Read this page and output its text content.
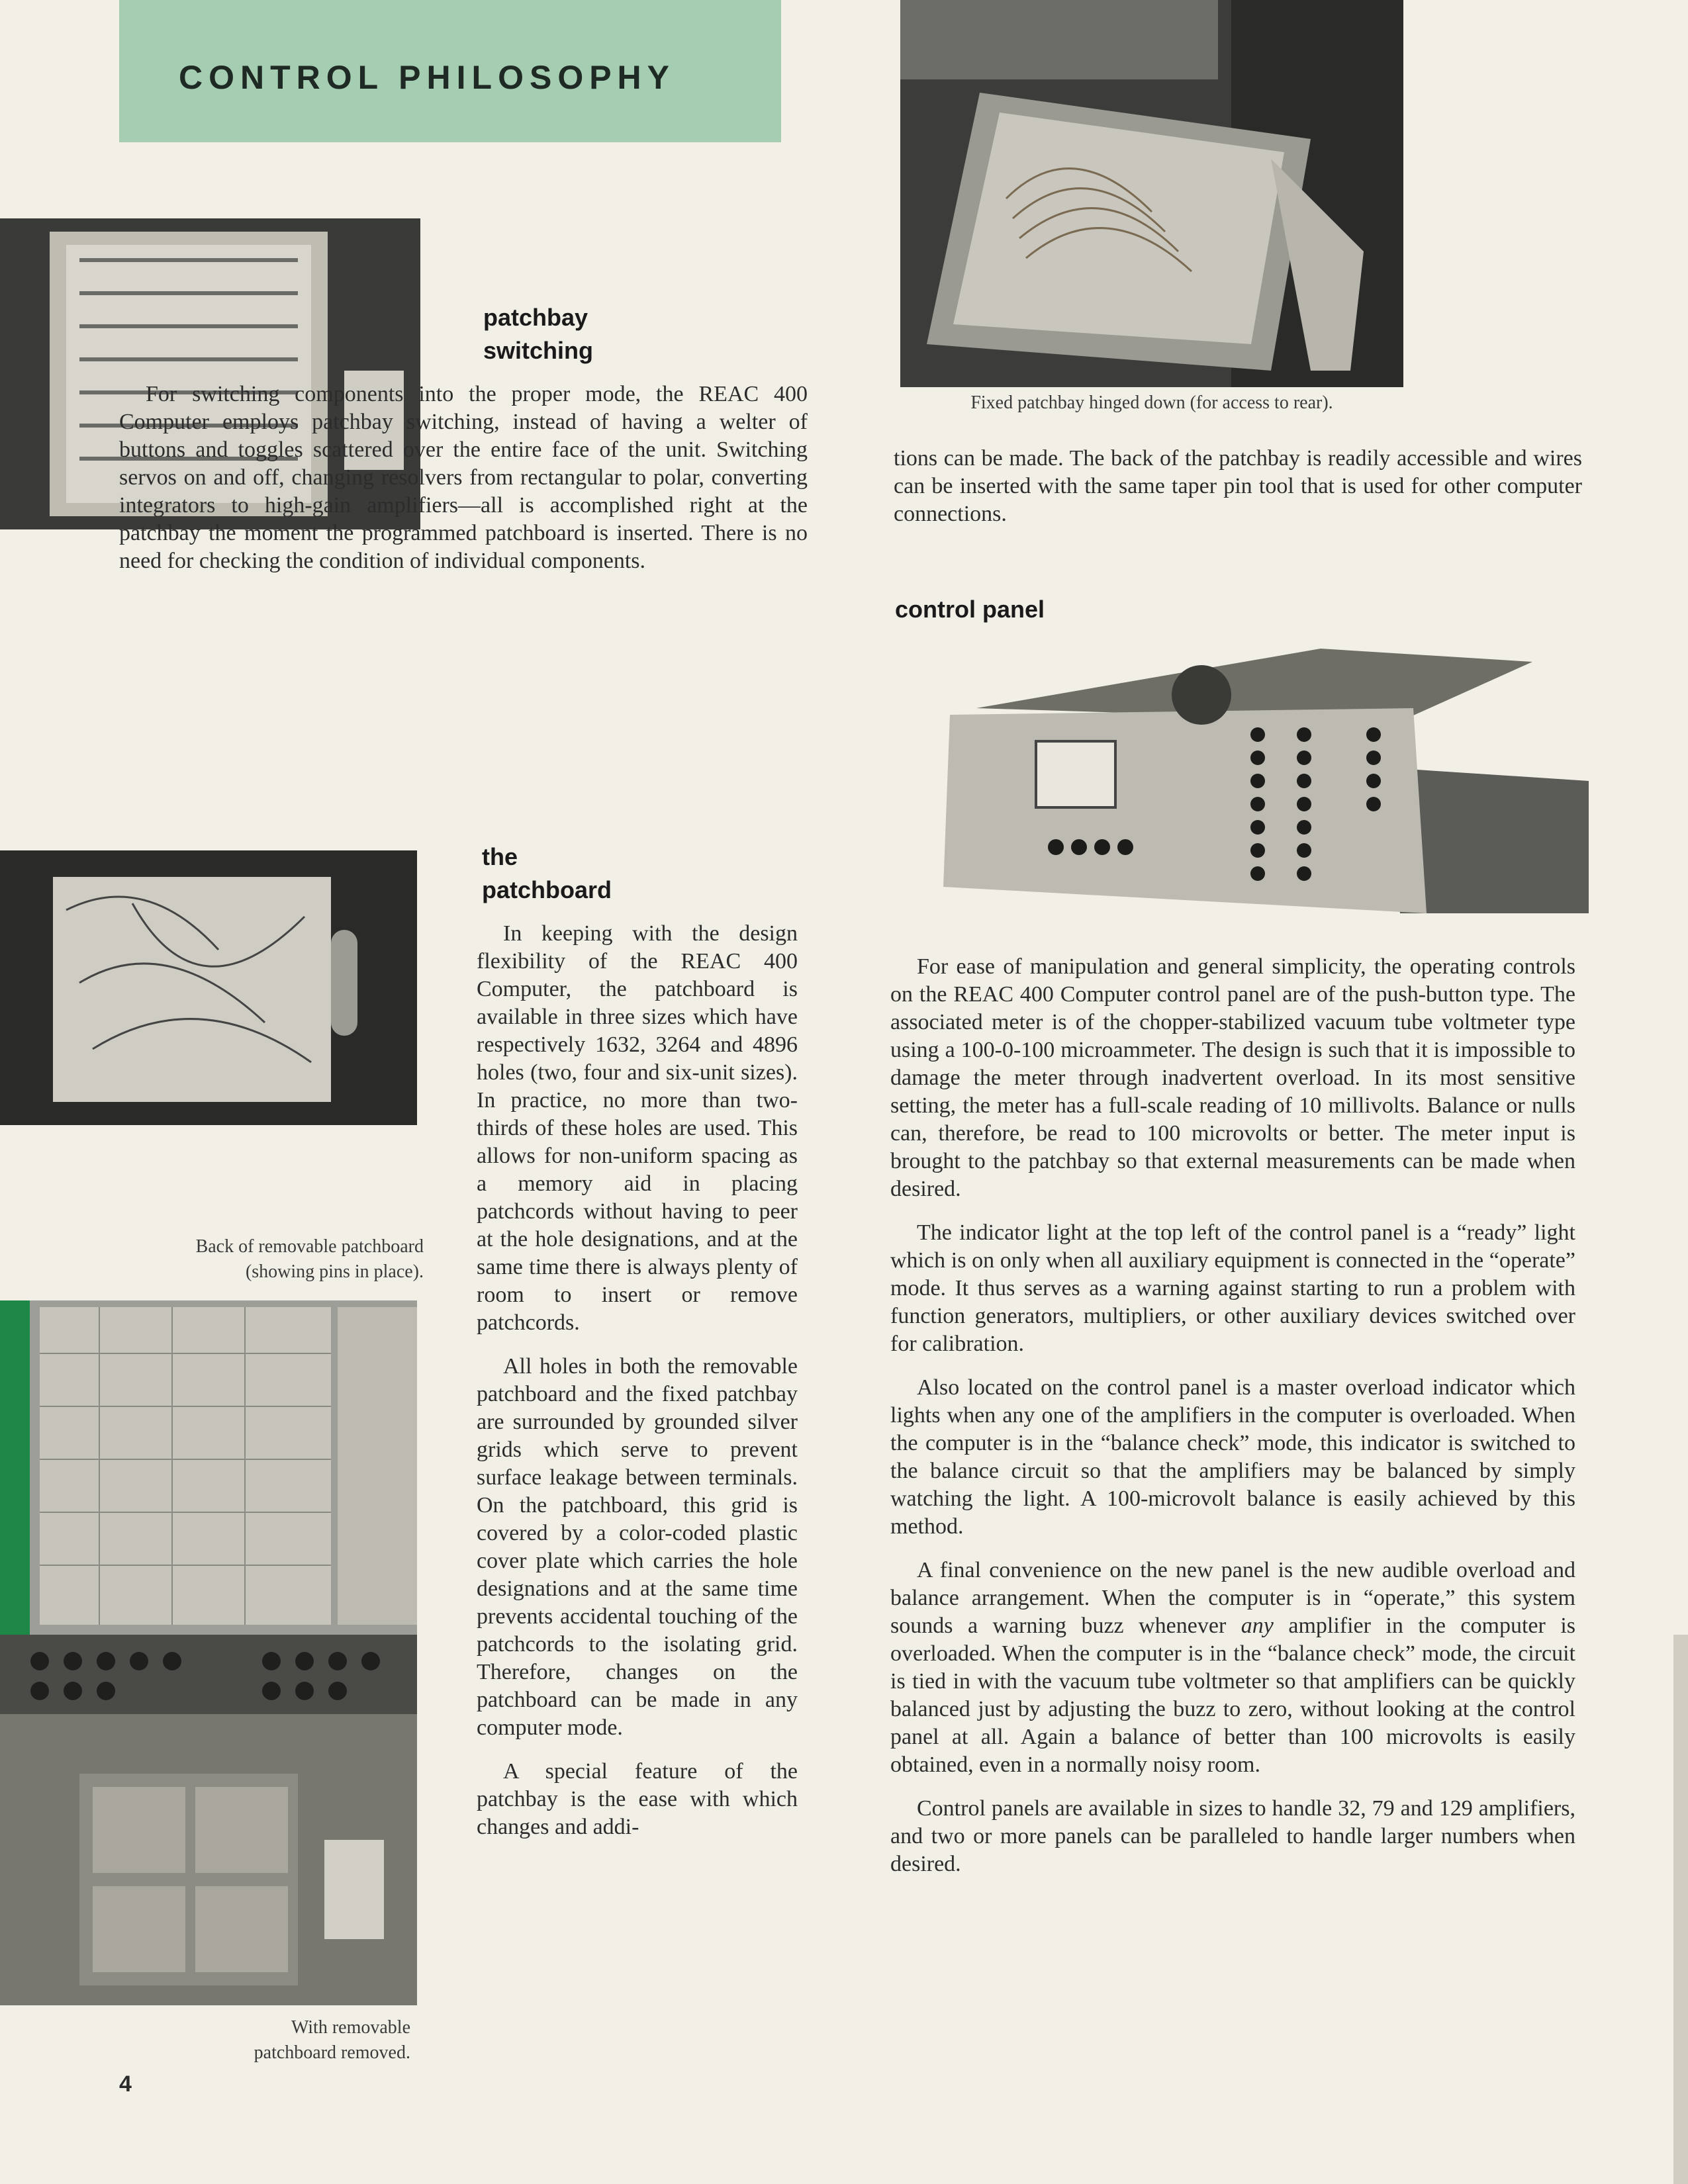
CONTROL PHILOSOPHY
Fixed patchbay hinged down (for access to rear).
patchbay
switching

For switching components into the proper mode, the REAC 400 Computer employs patchbay switching, instead of having a welter of buttons and toggles scattered over the entire face of the unit. Switching servos on and off, changing resolvers from rectangular to polar, converting integrators to high-gain amplifiers—all is accomplished right at the patchbay the moment the programmed patchboard is inserted. There is no need for checking the condition of individual components.

Back of removable patchboard
(showing pins in place).
With removable
patchboard removed.
the
patchboard

In keeping with the design flexibility of the REAC 400 Computer, the patchboard is available in three sizes which have respectively 1632, 3264 and 4896 holes (two, four and six-unit sizes). In practice, no more than two-thirds of these holes are used. This allows for non-uniform spacing as a memory aid in placing patchcords without having to peer at the hole designations, and at the same time there is always plenty of room to insert or remove patchcords.

All holes in both the removable patchboard and the fixed patchbay are surrounded by grounded silver grids which serve to prevent surface leakage between terminals. On the patchboard, this grid is covered by a color-coded plastic cover plate which carries the hole designations and at the same time prevents accidental touching of the patchcords to the isolating grid. Therefore, changes on the patchboard can be made in any computer mode.

A special feature of the patchbay is the ease with which changes and addi-

tions can be made. The back of the patchbay is readily accessible and wires can be inserted with the same taper pin tool that is used for other computer connections.

control panel

For ease of manipulation and general simplicity, the operating controls on the REAC 400 Computer control panel are of the push-button type. The associated meter is of the chopper-stabilized vacuum tube voltmeter type using a 100-0-100 microammeter. The design is such that it is impossible to damage the meter through inadvertent overload. In its most sensitive setting, the meter has a full-scale reading of 10 millivolts. Balance or nulls can, therefore, be read to 100 microvolts or better. The meter input is brought to the patchbay so that external measurements can be made when desired.

The indicator light at the top left of the control panel is a “ready” light which is on only when all auxiliary equipment is connected in the “operate” mode. It thus serves as a warning against starting to run a problem with function generators, multipliers, or other auxiliary devices switched over for calibration.

Also located on the control panel is a master overload indicator which lights when any one of the amplifiers in the computer is overloaded. When the computer is in the “balance check” mode, this indicator is switched to the balance circuit so that the amplifiers may be balanced by simply watching the light. A 100-microvolt balance is easily achieved by this method.

A final convenience on the new panel is the new audible overload and balance arrangement. When the computer is in “operate,” this system sounds a warning buzz whenever any amplifier in the computer is overloaded. When the computer is in the “balance check” mode, the circuit is tied in with the vacuum tube voltmeter so that amplifiers can be quickly balanced just by adjusting the buzz to zero, without looking at the control panel at all. Again a balance of better than 100 microvolts is easily obtained, even in a normally noisy room.

Control panels are available in sizes to handle 32, 79 and 129 amplifiers, and two or more panels can be paralleled to handle larger numbers when desired.

4
